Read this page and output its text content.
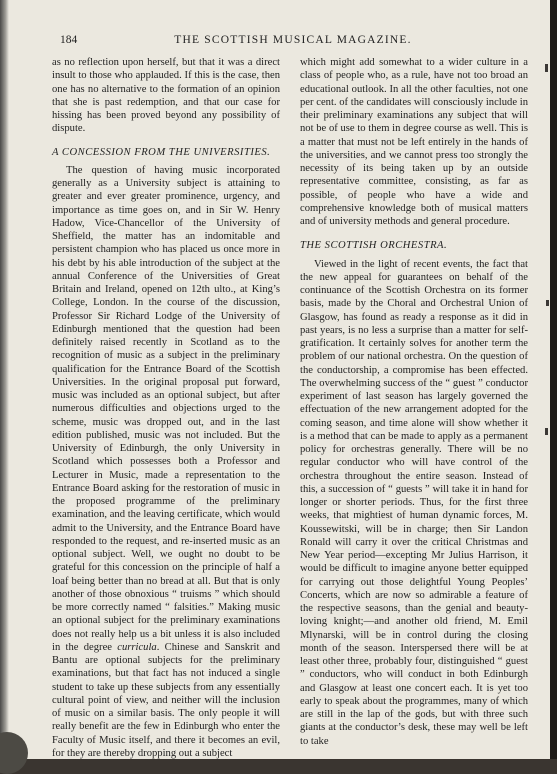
184	THE SCOTTISH MUSICAL MAGAZINE.

as no reflection upon herself, but that it was a direct insult to those who applauded. If this is the case, then one has no alternative to the formation of an opinion that she is past redemption, and that our case for hissing has been proved beyond any possibility of dispute.

A CONCESSION FROM THE UNIVERSITIES.

The question of having music incorporated generally as a University subject is attaining to greater and ever greater prominence, urgency, and importance as time goes on, and in Sir W. Henry Hadow, Vice-Chancellor of the University of Sheffield, the matter has an indomitable and persistent champion who has placed us once more in his debt by his able introduction of the subject at the annual Conference of the Universities of Great Britain and Ireland, opened on 12th ulto., at King’s College, London. In the course of the discussion, Professor Sir Richard Lodge of the University of Edinburgh mentioned that the question had been definitely raised recently in Scotland as to the recognition of music as a subject in the preliminary qualification for the Entrance Board of the Scottish Universities. In the original proposal put forward, music was included as an optional subject, but after numerous difficulties and objections urged to the scheme, music was dropped out, and in the last edition published, music was not included. But the University of Edinburgh, the only University in Scotland which possesses both a Professor and Lecturer in Music, made a representation to the Entrance Board asking for the restoration of music in the proposed programme of the preliminary examination, and the leaving certificate, which would admit to the University, and the Entrance Board have responded to the request, and re-inserted music as an optional subject. Well, we ought no doubt to be grateful for this concession on the principle of half a loaf being better than no bread at all. But that is only another of those obnoxious “ truisms ” which should be more correctly named “ falsities.” Making music an optional subject for the preliminary examinations does not really help us a bit unless it is also included in the degree curricula. Chinese and Sanskrit and Bantu are optional subjects for the preliminary examinations, but that fact has not induced a single student to take up these subjects from any essentially cultural point of view, and neither will the inclusion of music on a similar basis. The only people it will really benefit are the few in Edinburgh who enter the Faculty of Music itself, and there it becomes an evil, for they are thereby dropping out a subject

which might add somewhat to a wider culture in a class of people who, as a rule, have not too broad an educational outlook. In all the other faculties, not one per cent. of the candidates will consciously include in their preliminary examinations any subject that will not be of use to them in degree course as well. This is a matter that must not be left entirely in the hands of the universities, and we cannot press too strongly the necessity of its being taken up by an outside representative committee, consisting, as far as possible, of people who have a wide and comprehensive knowledge both of musical matters and of university methods and general procedure.

THE SCOTTISH ORCHESTRA.

Viewed in the light of recent events, the fact that the new appeal for guarantees on behalf of the continuance of the Scottish Orchestra on its former basis, made by the Choral and Orchestral Union of Glasgow, has found as ready a response as it did in past years, is no less a surprise than a matter for self-gratification. It certainly solves for another term the problem of our national orchestra. On the question of the conductorship, a compromise has been effected. The overwhelming success of the “ guest ” conductor experiment of last season has largely governed the effectuation of the new arrangement adopted for the coming season, and time alone will show whether it is a method that can be made to apply as a permanent policy for orchestras generally. There will be no regular conductor who will have control of the orchestra throughout the entire season. Instead of this, a succession of “ guests ” will take it in hand for longer or shorter periods. Thus, for the first three weeks, that mightiest of human dynamic forces, M. Koussewitski, will be in charge; then Sir Landon Ronald will carry it over the critical Christmas and New Year period—excepting Mr Julius Harrison, it would be difficult to imagine anyone better equipped for carrying out those delightful Young Peoples’ Concerts, which are now so admirable a feature of the respective seasons, than the genial and beauty-loving knight;—and another old friend, M. Emil Mlynarski, will be in control during the closing month of the season. Interspersed there will be at least other three, probably four, distinguished “ guest ” conductors, who will conduct in both Edinburgh and Glasgow at least one concert each. It is yet too early to speak about the programmes, many of which are still in the lap of the gods, but with three such giants at the conductor’s desk, these may well be left to take
